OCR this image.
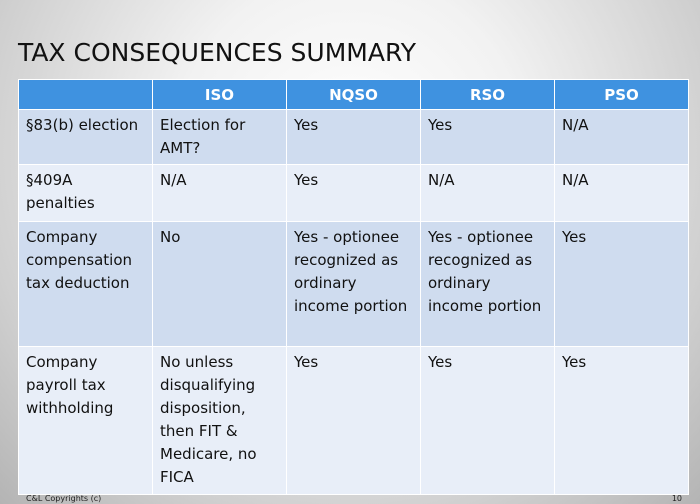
TAX CONSEQUENCES SUMMARY
	ISO	NQSO	RSO	PSO
§83(b) election	Election for AMT?	Yes	Yes	N/A
§409A penalties	N/A	Yes	N/A	N/A
Company compensation tax deduction	No	Yes - optionee recognized as ordinary income portion	Yes - optionee recognized as ordinary income portion	Yes
Company payroll tax withholding	No unless disqualifying disposition, then FIT & Medicare, no FICA	Yes	Yes	Yes
C&L Copyrights (c)	10
